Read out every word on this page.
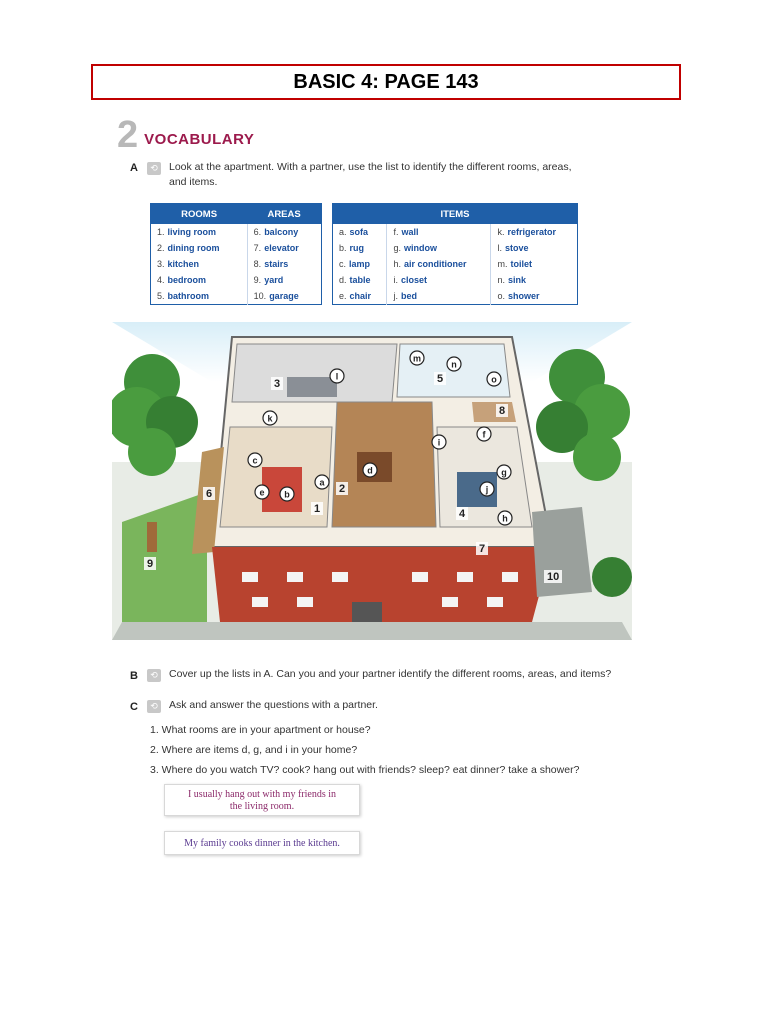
BASIC 4: PAGE 143
2 VOCABULARY
A	⟲	Look at the apartment. With a partner, use the list to identify the different rooms, areas,
and items.
ROOMS	AREAS
1. living room	6. balcony
2. dining room	7. elevator
3. kitchen	8. stairs
4. bedroom	9. yard
5. bathroom	10. garage
ITEMS		
a. sofa	f. wall	k. refrigerator
b. rug	g. window	l. stove
c. lamp	h. air conditioner	m. toilet
d. table	i. closet	n. sink
e. chair	j. bed	o. shower
1
2
3
4
5
6
7
8
9
10
a
b
c
d
e
f
g
h
i
j
k
l
m
n
o
B	⟲	Cover up the lists in A. Can you and your partner identify the different rooms, areas, and items?
C	⟲	Ask and answer the questions with a partner.
1. What rooms are in your apartment or house?
2. Where are items d, g, and i in your home?
3. Where do you watch TV? cook? hang out with friends? sleep? eat dinner? take a shower?
I usually hang out with my friends in
the living room.
My family cooks dinner in the kitchen.
